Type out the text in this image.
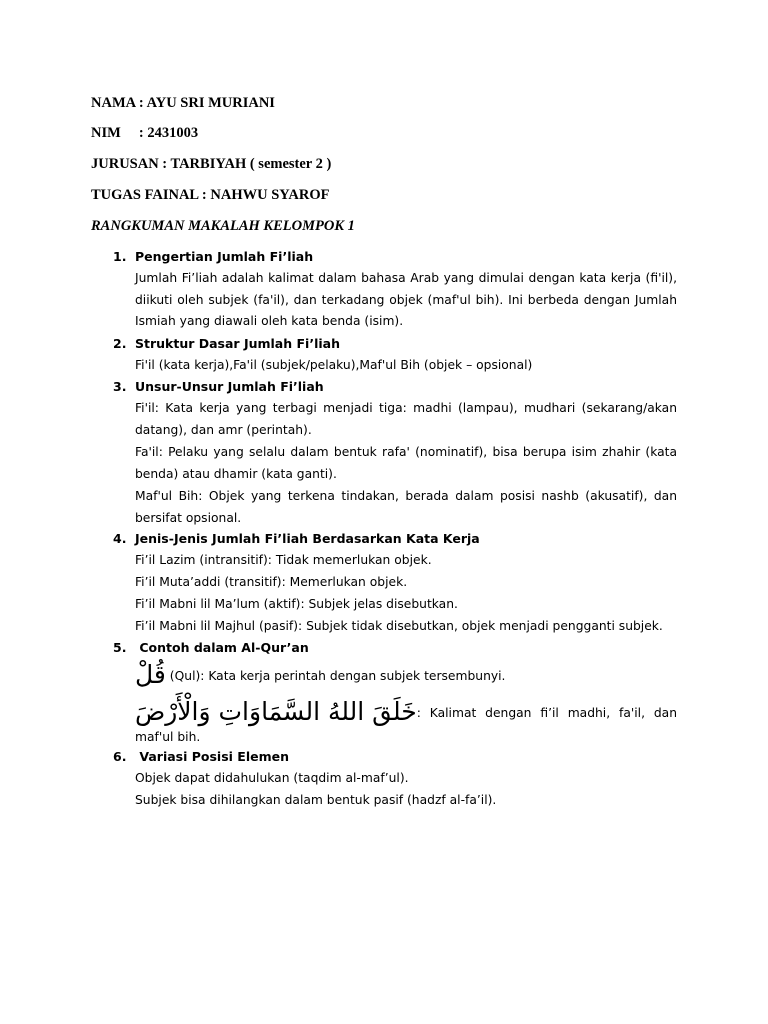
NAMA : AYU SRI MURIANI
NIM     : 2431003
JURUSAN : TARBIYAH ( semester 2 )
TUGAS FAINAL : NAHWU SYAROF
RANGKUMAN MAKALAH KELOMPOK 1
1. Pengertian Jumlah Fi’liah
Jumlah Fi’liah adalah kalimat dalam bahasa Arab yang dimulai dengan kata kerja (fi'il), diikuti oleh subjek (fa'il), dan terkadang objek (maf'ul bih). Ini berbeda dengan Jumlah Ismiah yang diawali oleh kata benda (isim).
2. Struktur Dasar Jumlah Fi’liah
Fi'il (kata kerja),Fa'il (subjek/pelaku),Maf'ul Bih (objek – opsional)
3. Unsur-Unsur Jumlah Fi’liah
Fi'il: Kata kerja yang terbagi menjadi tiga: madhi (lampau), mudhari (sekarang/akan datang), dan amr (perintah).
Fa'il: Pelaku yang selalu dalam bentuk rafa' (nominatif), bisa berupa isim zhahir (kata benda) atau dhamir (kata ganti).
Maf'ul Bih: Objek yang terkena tindakan, berada dalam posisi nashb (akusatif), dan bersifat opsional.
4. Jenis-Jenis Jumlah Fi’liah Berdasarkan Kata Kerja
Fi’il Lazim (intransitif): Tidak memerlukan objek.
Fi’il Muta’addi (transitif): Memerlukan objek.
Fi’il Mabni lil Ma’lum (aktif): Subjek jelas disebutkan.
Fi’il Mabni lil Majhul (pasif): Subjek tidak disebutkan, objek menjadi pengganti subjek.
5. Contoh dalam Al-Qur’an
قُلْ (Qul): Kata kerja perintah dengan subjek tersembunyi.
خَلَقَ اللهُ السَّمَاوَاتِ وَالْأَرْضَ: Kalimat dengan fi’il madhi, fa'il, dan maf'ul bih.
6. Variasi Posisi Elemen
Objek dapat didahulukan (taqdim al-maf’ul).
Subjek bisa dihilangkan dalam bentuk pasif (hadzf al-fa’il).
